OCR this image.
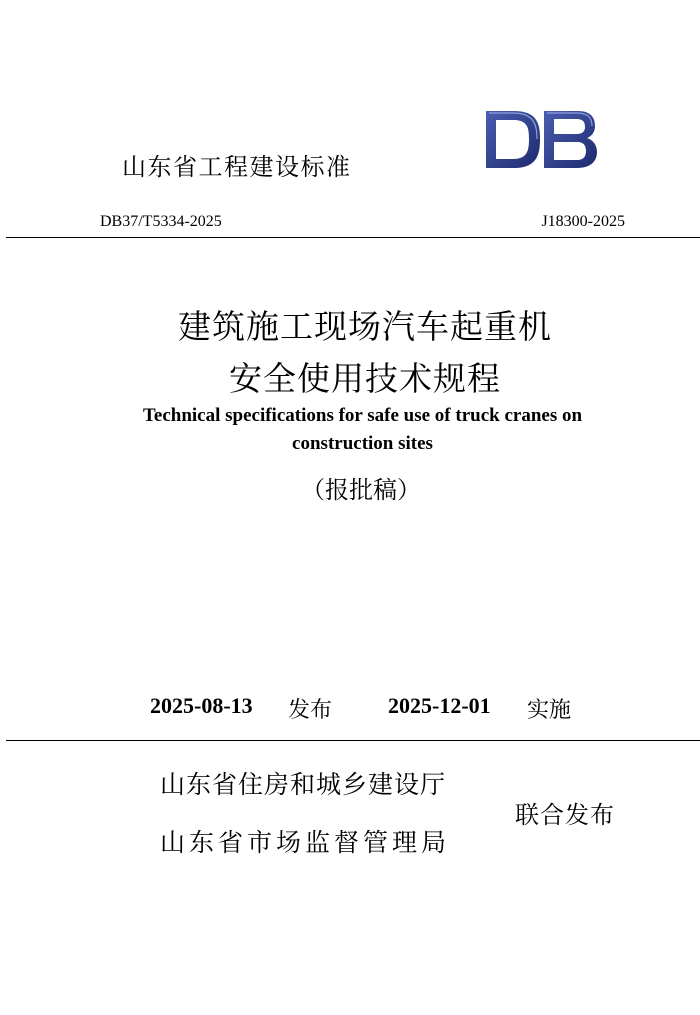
山东省工程建设标准
DB37/T5334-2025	J18300-2025
建筑施工现场汽车起重机
安全使用技术规程
Technical specifications for safe use of truck cranes on
construction sites
（报批稿）
2025-08-13 发布	2025-12-01 实施
山东省住房和城乡建设厅
山东省市场监督管理局
联合发布
